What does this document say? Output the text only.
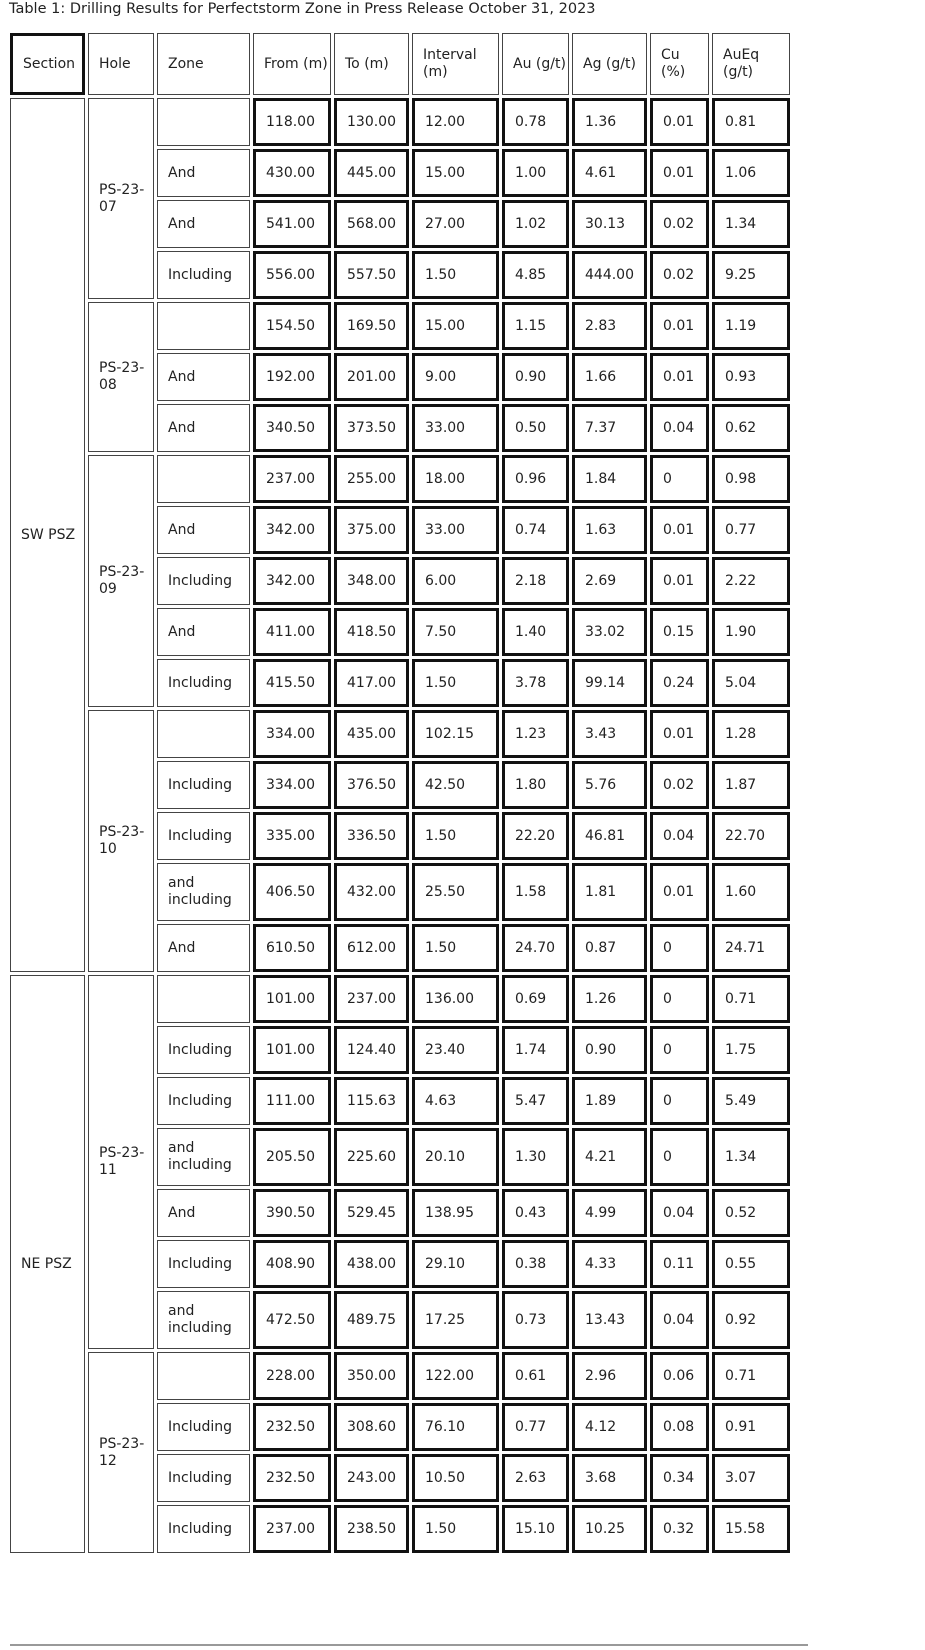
Table 1: Drilling Results for Perfectstorm Zone in Press Release October 31, 2023
Section	Hole	Zone	From (m)	To (m)	Interval (m)	Au (g/t)	Ag (g/t)	Cu (%)	AuEq (g/t)
SW PSZ	PS-23-07		118.00	130.00	12.00	0.78	1.36	0.01	0.81
		And	430.00	445.00	15.00	1.00	4.61	0.01	1.06
		And	541.00	568.00	27.00	1.02	30.13	0.02	1.34
		Including	556.00	557.50	1.50	4.85	444.00	0.02	9.25
	PS-23-08		154.50	169.50	15.00	1.15	2.83	0.01	1.19
		And	192.00	201.00	9.00	0.90	1.66	0.01	0.93
		And	340.50	373.50	33.00	0.50	7.37	0.04	0.62
	PS-23-09		237.00	255.00	18.00	0.96	1.84	0	0.98
		And	342.00	375.00	33.00	0.74	1.63	0.01	0.77
		Including	342.00	348.00	6.00	2.18	2.69	0.01	2.22
		And	411.00	418.50	7.50	1.40	33.02	0.15	1.90
		Including	415.50	417.00	1.50	3.78	99.14	0.24	5.04
	PS-23-10		334.00	435.00	102.15	1.23	3.43	0.01	1.28
		Including	334.00	376.50	42.50	1.80	5.76	0.02	1.87
		Including	335.00	336.50	1.50	22.20	46.81	0.04	22.70
		and including	406.50	432.00	25.50	1.58	1.81	0.01	1.60
		And	610.50	612.00	1.50	24.70	0.87	0	24.71
NE PSZ	PS-23-11		101.00	237.00	136.00	0.69	1.26	0	0.71
		Including	101.00	124.40	23.40	1.74	0.90	0	1.75
		Including	111.00	115.63	4.63	5.47	1.89	0	5.49
		and including	205.50	225.60	20.10	1.30	4.21	0	1.34
		And	390.50	529.45	138.95	0.43	4.99	0.04	0.52
		Including	408.90	438.00	29.10	0.38	4.33	0.11	0.55
		and including	472.50	489.75	17.25	0.73	13.43	0.04	0.92
	PS-23-12		228.00	350.00	122.00	0.61	2.96	0.06	0.71
		Including	232.50	308.60	76.10	0.77	4.12	0.08	0.91
		Including	232.50	243.00	10.50	2.63	3.68	0.34	3.07
		Including	237.00	238.50	1.50	15.10	10.25	0.32	15.58
